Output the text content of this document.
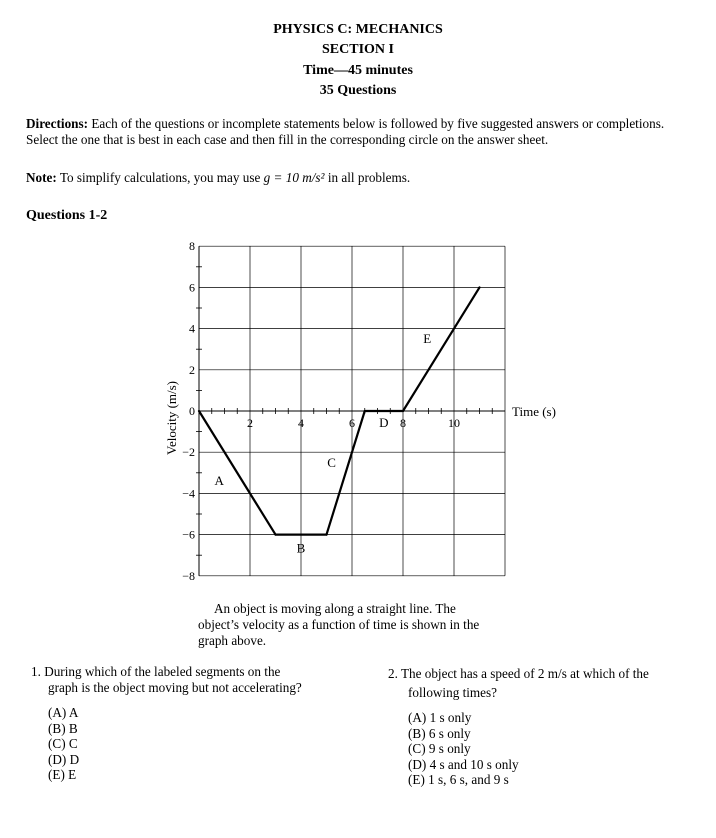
PHYSICS C: MECHANICS
SECTION I
Time—45 minutes
35 Questions
Directions: Each of the questions or incomplete statements below is followed by five suggested answers or completions. Select the one that is best in each case and then fill in the corresponding circle on the answer sheet.
Note: To simplify calculations, you may use g = 10 m/s² in all problems.
Questions 1-2
2	4	6	8	10
8
6
4
2
0
−2
−4
−6
−8
A
B
C
D
E
Time (s)
Velocity (m/s)
An object is moving along a straight line. The
object’s velocity as a function of time is shown in the
graph above.
1. During which of the labeled segments on the
graph is the object moving but not accelerating?
(A) A
(B) B
(C) C
(D) D
(E) E
2. The object has a speed of 2 m/s at which of the
following times?
(A) 1 s only
(B) 6 s only
(C) 9 s only
(D) 4 s and 10 s only
(E) 1 s, 6 s, and 9 s
